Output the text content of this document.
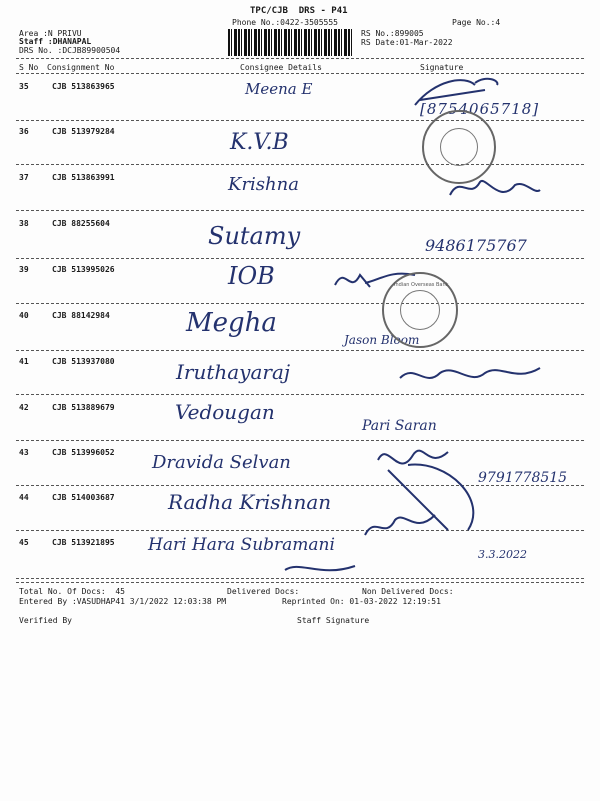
TPC/CJB  DRS - P41
Phone No.:0422-3505555	Page No.:4
Area :N PRIVU
Staff :DHANAPAL
DRS No. :DCJB89900504
RS No.:899005
RS Date:01-Mar-2022
S No Consignment No	Consignee Details	Signature
35	CJB 513863965	Meena E
[8754065718]
36	CJB 513979284	K.V.B
37	CJB 513863991	Krishna
38	CJB 88255604	Sutamy	9486175767
39	CJB 513995026	IOB
40	CJB 88142984	Megha
Jason Bloom
41	CJB 513937080	Iruthayaraj
42	CJB 513889679	Vedougan
Pari Saran
43	CJB 513996052 Dravida Selvan
9791778515
44	CJB 514003687	Radha Krishnan
45	CJB 513921895 Hari Hara Subramani	3.3.2022
Indian Overseas Bank
Total No. Of Docs:  45	Delivered Docs:	Non Delivered Docs:
Entered By :VASUDHAP41 3/1/2022 12:03:38 PM	Reprinted On: 01-03-2022 12:19:51
Verified By	Staff Signature
